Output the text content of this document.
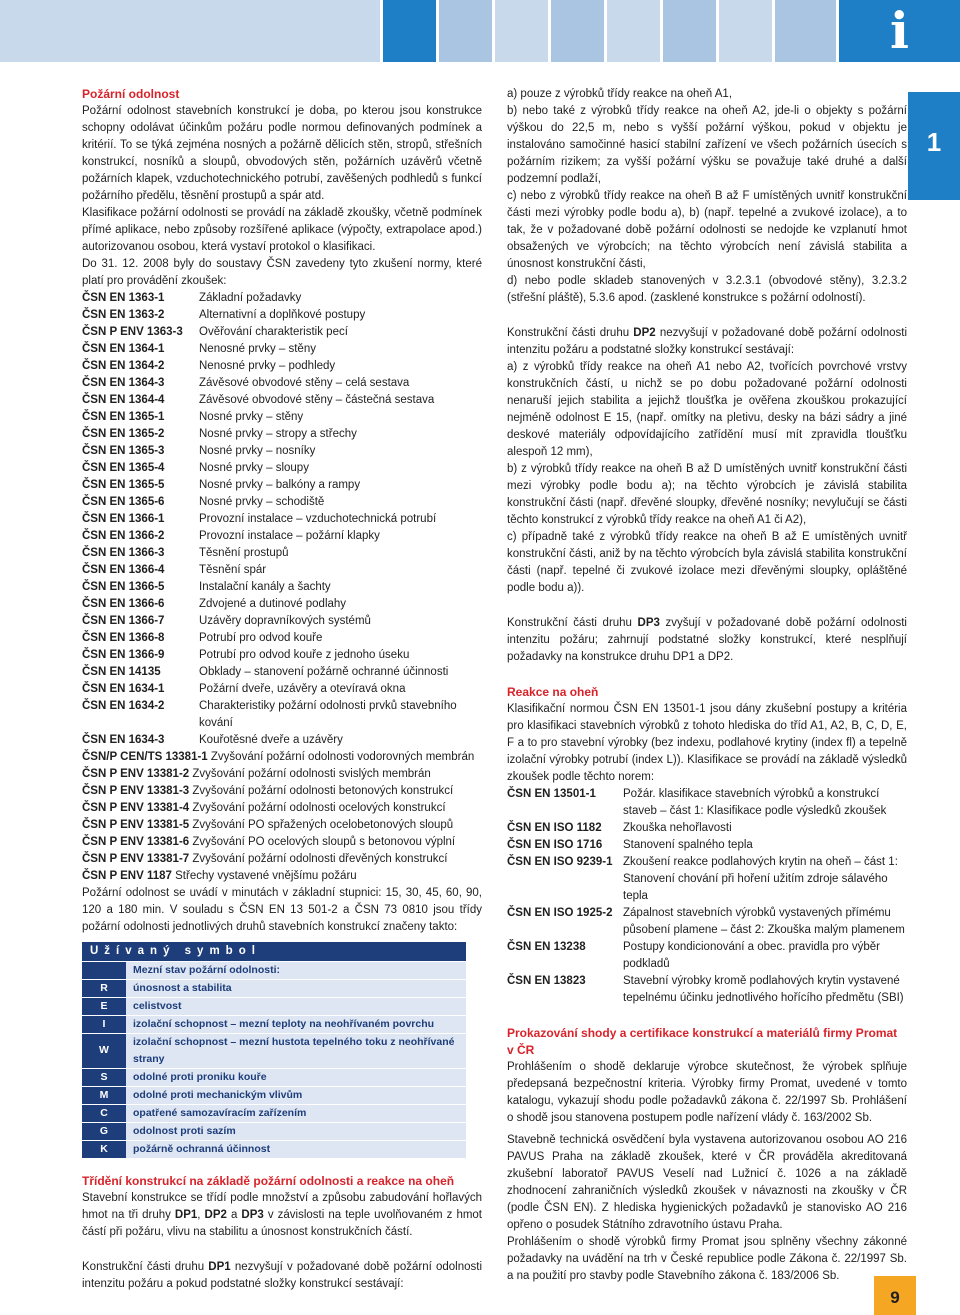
i
1
Požární odolnost
Požární odolnost stavebních konstrukcí je doba, po kterou jsou konstrukce schopny odolávat účinkům požáru podle normou definovaných podmínek a kritérií. To se týká zejména nosných a požárně dělicích stěn, stropů, střešních konstrukcí, nosníků a sloupů, obvodových stěn, požárních uzávěrů včetně požárních klapek, vzduchotechnického potrubí, zavěšených podhledů s funkcí požárního předělu, těsnění prostupů a spár atd.
Klasifikace požární odolnosti se provádí na základě zkoušky, včetně podmínek přímé aplikace, nebo způsoby rozšířené aplikace (výpočty, extrapolace apod.) autorizovanou osobou, která vystaví protokol o klasifikaci.
Do 31. 12. 2008 byly do soustavy ČSN zavedeny tyto zkušení normy, které platí pro provádění zkoušek:
ČSN EN 1363-1	Základní požadavky
ČSN EN 1363-2	Alternativní a doplňkové postupy
ČSN P ENV 1363-3	Ověřování charakteristik pecí
ČSN EN 1364-1	Nenosné prvky – stěny
ČSN EN 1364-2	Nenosné prvky – podhledy
ČSN EN 1364-3	Závěsové obvodové stěny – celá sestava
ČSN EN 1364-4	Závěsové obvodové stěny – částečná sestava
ČSN EN 1365-1	Nosné prvky – stěny
ČSN EN 1365-2	Nosné prvky – stropy a střechy
ČSN EN 1365-3	Nosné prvky – nosníky
ČSN EN 1365-4	Nosné prvky – sloupy
ČSN EN 1365-5	Nosné prvky – balkóny a rampy
ČSN EN 1365-6	Nosné prvky – schodiště
ČSN EN 1366-1	Provozní instalace – vzduchotechnická potrubí
ČSN EN 1366-2	Provozní instalace – požární klapky
ČSN EN 1366-3	Těsnění prostupů
ČSN EN 1366-4	Těsnění spár
ČSN EN 1366-5	Instalační kanály a šachty
ČSN EN 1366-6	Zdvojené a dutinové podlahy
ČSN EN 1366-7	Uzávěry dopravníkových systémů
ČSN EN 1366-8	Potrubí pro odvod kouře
ČSN EN 1366-9	Potrubí pro odvod kouře z jednoho úseku
ČSN EN 14135	Obklady – stanovení požárně ochranné účinnosti
ČSN EN 1634-1	Požární dveře, uzávěry a otevíravá okna
ČSN EN 1634-2	Charakteristiky požární odolnosti prvků stavebního kování
ČSN EN 1634-3	Kouřotěsné dveře a uzávěry
ČSN/P CEN/TS 13381-1 Zvyšování požární odolnosti vodorovných membrán
ČSN P ENV 13381-2 Zvyšování požární odolnosti svislých membrán
ČSN P ENV 13381-3 Zvyšování požární odolnosti betonových konstrukcí
ČSN P ENV 13381-4 Zvyšování požární odolnosti ocelových konstrukcí
ČSN P ENV 13381-5 Zvyšování PO spřažených ocelobetonových sloupů
ČSN P ENV 13381-6 Zvyšování PO ocelových sloupů s betonovou výplní
ČSN P ENV 13381-7 Zvyšování požární odolnosti dřevěných konstrukcí
ČSN P ENV 1187 Střechy vystavené vnějšímu požáru
Požární odolnost se uvádí v minutách v základní stupnici: 15, 30, 45, 60, 90, 120 a 180 min. V souladu s ČSN EN 13 501-2 a ČSN 73 0810 jsou třídy požární odolnosti jednotlivých druhů stavebních konstrukcí značeny takto:
Užívaný symbol	
	Mezní stav požární odolnosti:
R	únosnost a stabilita
E	celistvost
I	izolační schopnost – mezní teploty na neohřívaném povrchu
W	izolační schopnost – mezní hustota tepelného toku z neohřívané strany
S	odolné proti proniku kouře
M	odolné proti mechanickým vlivům
C	opatřené samozavíracím zařízením
G	odolnost proti sazím
K	požárně ochranná účinnost
Třídění konstrukcí na základě požární odolnosti a reakce na oheň
Stavební konstrukce se třídí podle množství a způsobu zabudování hořlavých hmot na tři druhy DP1, DP2 a DP3 v závislosti na teple uvolňovaném z hmot částí při požáru, vlivu na stabilitu a únosnost konstrukčních částí.
Konstrukční části druhu DP1 nezvyšují v požadované době požární odolnosti intenzitu požáru a pokud podstatné složky konstrukcí sestávají:
a) pouze z výrobků třídy reakce na oheň A1,
b) nebo také z výrobků třídy reakce na oheň A2, jde-li o objekty s požární výškou do 22,5 m, nebo s vyšší požární výškou, pokud v objektu je instalováno samočinné hasicí stabilní zařízení ve všech požárních úsecích s požárním rizikem; za vyšší požární výšku se považuje také druhé a další podzemní podlaží,
c) nebo z výrobků třídy reakce na oheň B až F umístěných uvnitř konstrukční části mezi výrobky podle bodu a), b) (např. tepelné a zvukové izolace), a to tak, že v požadované době požární odolnosti se nedojde ke vzplanutí hmot obsažených ve výrobcích; na těchto výrobcích není závislá stabilita a únosnost konstrukční části,
d) nebo podle skladeb stanovených v 3.2.3.1 (obvodové stěny), 3.2.3.2 (střešní pláště), 5.3.6 apod. (zasklené konstrukce s požární odolností).
Konstrukční části druhu DP2 nezvyšují v požadované době požární odolnosti intenzitu požáru a podstatné složky konstrukcí sestávají:
a) z výrobků třídy reakce na oheň A1 nebo A2, tvořících povrchové vrstvy konstrukčních částí, u nichž se po dobu požadované požární odolnosti nenaruší jejich stabilita a jejichž tloušťka je ověřena zkouškou prokazující nejméně odolnost E 15, (např. omítky na pletivu, desky na bázi sádry a jiné deskové materiály odpovídajícího zatřídění musí mít zpravidla tloušťku alespoň 12 mm),
b) z výrobků třídy reakce na oheň B až D umístěných uvnitř konstrukční části mezi výrobky podle bodu a); na těchto výrobcích je závislá stabilita konstrukční části (např. dřevěné sloupky, dřevěné nosníky; nevylučují se části těchto konstrukcí z výrobků třídy reakce na oheň A1 či A2),
c) případně také z výrobků třídy reakce na oheň B až E umístěných uvnitř konstrukční části, aniž by na těchto výrobcích byla závislá stabilita konstrukční části (např. tepelné či zvukové izolace mezi dřevěnými sloupky, opláštěné podle bodu a)).
Konstrukční části druhu DP3 zvyšují v požadované době požární odolnosti intenzitu požáru; zahrnují podstatné složky konstrukcí, které nesplňují požadavky na konstrukce druhu DP1 a DP2.
Reakce na oheň
Klasifikační normou ČSN EN 13501-1 jsou dány zkušební postupy a kritéria pro klasifikaci stavebních výrobků z tohoto hlediska do tříd A1, A2, B, C, D, E, F a to pro stavební výrobky (bez indexu, podlahové krytiny (index fl) a tepelně izolační výrobky potrubí (index L)). Klasifikace se provádí na základě výsledků zkoušek podle těchto norem:
ČSN EN 13501-1	Požár. klasifikace stavebních výrobků a konstrukcí staveb – část 1: Klasifikace podle výsledků zkoušek
ČSN EN ISO 1182	Zkouška nehořlavosti
ČSN EN ISO 1716	Stanovení spalného tepla
ČSN EN ISO 9239-1 Zkoušení reakce podlahových krytin na oheň – část 1: Stanovení chování při hoření užitím zdroje sálavého tepla
ČSN EN ISO 1925-2 Zápalnost stavebních výrobků vystavených přímému působení plamene – část 2: Zkouška malým plamenem
ČSN EN 13238	Postupy kondicionování a obec. pravidla pro výběr podkladů
ČSN EN 13823	Stavební výrobky kromě podlahových krytin vystavené tepelnému účinku jednotlivého hořícího předmětu (SBI)
Prokazování shody a certifikace konstrukcí a materiálů firmy Promat v ČR
Prohlášením o shodě deklaruje výrobce skutečnost, že výrobek splňuje předepsaná bezpečnostní kriteria. Výrobky firmy Promat, uvedené v tomto katalogu, vykazují shodu podle požadavků zákona č. 22/1997 Sb. Prohlášení o shodě jsou stanovena postupem podle nařízení vlády č. 163/2002 Sb.
Stavebně technická osvědčení byla vystavena autorizovanou osobou AO 216 PAVUS Praha na základě zkoušek, které v ČR prováděla akreditovaná zkušební laboratoř PAVUS Veselí nad Lužnicí č. 1026 a na základě zhodnocení zahraničních výsledků zkoušek v návaznosti na zkoušky v ČR (podle ČSN EN). Z hlediska hygienických požadavků je stanovisko AO 216 opřeno o posudek Státního zdravotního ústavu Praha.
Prohlášením o shodě výrobků firmy Promat jsou splněny všechny zákonné požadavky na uvádění na trh v České republice podle Zákona č. 22/1997 Sb. a na použití pro stavby podle Stavebního zákona č. 183/2006 Sb.
9
